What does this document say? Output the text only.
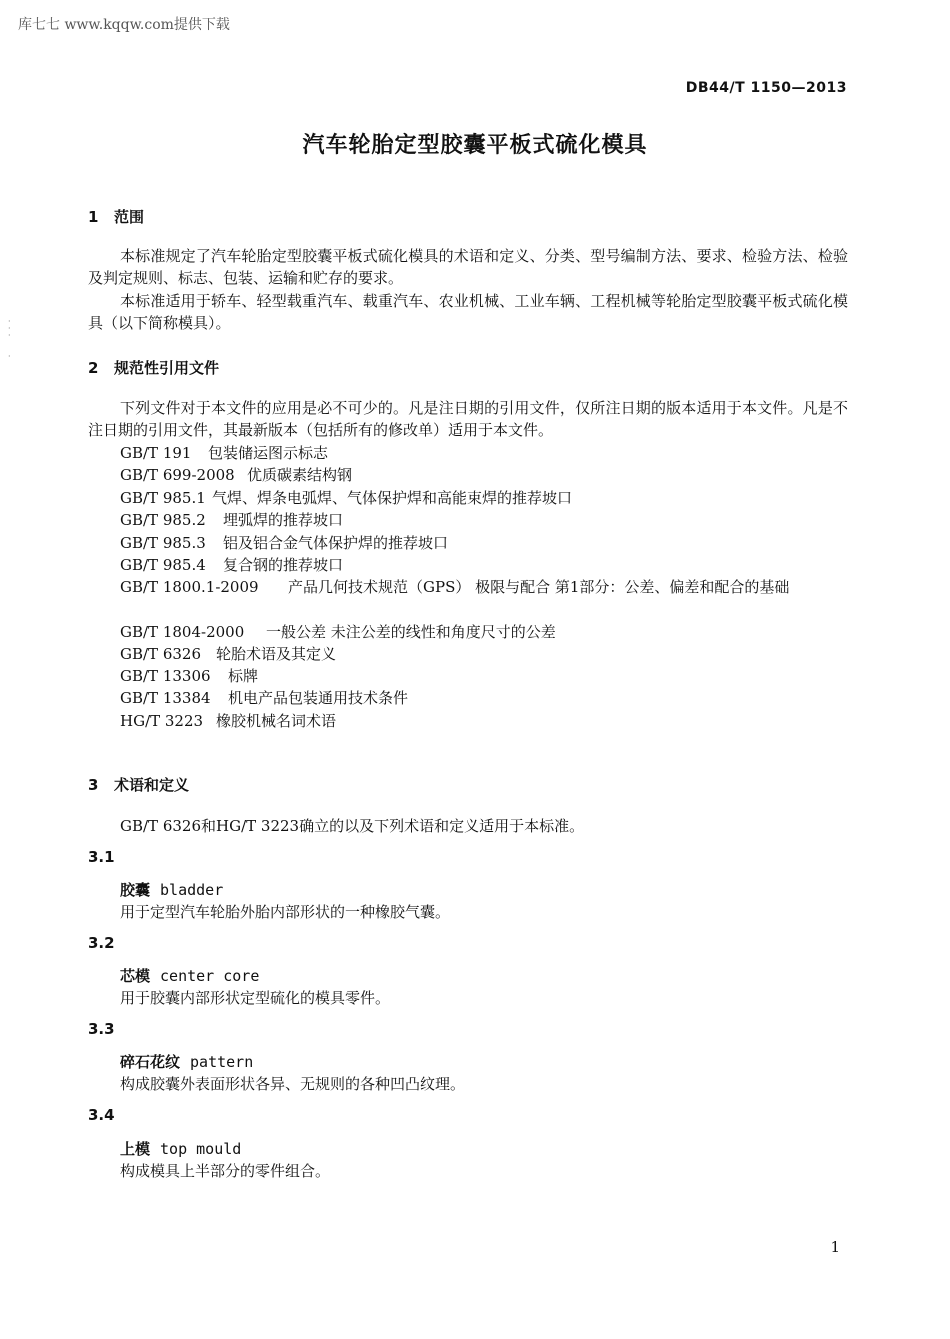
库七七 www.kqqw.com提供下载
DB44/T 1150—2013
汽车轮胎定型胶囊平板式硫化模具
·
·
·

·
1 范围
本标准规定了汽车轮胎定型胶囊平板式硫化模具的术语和定义、分类、型号编制方法、要求、检验方法、检验及判定规则、标志、包装、运输和贮存的要求。
本标准适用于轿车、轻型载重汽车、载重汽车、农业机械、工业车辆、工程机械等轮胎定型胶囊平板式硫化模具（以下简称模具）。
2 规范性引用文件
下列文件对于本文件的应用是必不可少的。凡是注日期的引用文件，仅所注日期的版本适用于本文件。凡是不注日期的引用文件，其最新版本（包括所有的修改单）适用于本文件。
GB/T 191 包装储运图示标志
GB/T 699-2008 优质碳素结构钢
GB/T 985.1 气焊、焊条电弧焊、气体保护焊和高能束焊的推荐坡口
GB/T 985.2 埋弧焊的推荐坡口
GB/T 985.3 铝及铝合金气体保护焊的推荐坡口
GB/T 985.4 复合钢的推荐坡口
GB/T 1800.1-2009 产品几何技术规范（GPS） 极限与配合 第1部分：公差、偏差和配合的基础
GB/T 1804-2000 一般公差 未注公差的线性和角度尺寸的公差
GB/T 6326 轮胎术语及其定义
GB/T 13306 标牌
GB/T 13384 机电产品包装通用技术条件
HG/T 3223 橡胶机械名词术语
3 术语和定义
GB/T 6326和HG/T 3223确立的以及下列术语和定义适用于本标准。
3.1
胶囊 bladder
用于定型汽车轮胎外胎内部形状的一种橡胶气囊。
3.2
芯模 center core
用于胶囊内部形状定型硫化的模具零件。
3.3
碎石花纹 pattern
构成胶囊外表面形状各异、无规则的各种凹凸纹理。
3.4
上模 top mould
构成模具上半部分的零件组合。
1
